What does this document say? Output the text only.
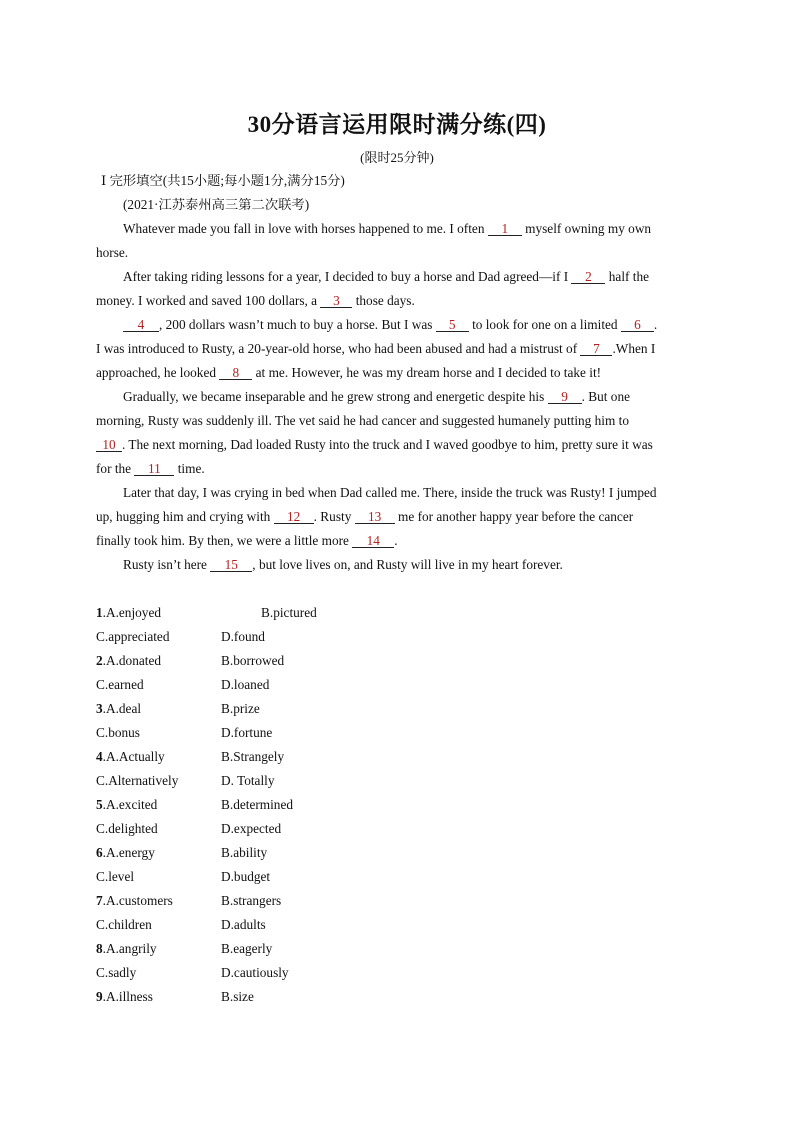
30分语言运用限时满分练(四)
(限时25分钟)
Ⅰ 完形填空(共15小题;每小题1分,满分15分)
(2021·江苏泰州高三第二次联考)
Whatever made you fall in love with horses happened to me. I often 1 myself owning my own
horse.
After taking riding lessons for a year, I decided to buy a horse and Dad agreed—if I 2 half the
money. I worked and saved 100 dollars, a 3 those days.
4 , 200 dollars wasn’t much to buy a horse. But I was 5 to look for one on a limited 6 .
I was introduced to Rusty, a 20-year-old horse, who had been abused and had a mistrust of 7 .When I
approached, he looked 8 at me. However, he was my dream horse and I decided to take it!
Gradually, we became inseparable and he grew strong and energetic despite his 9 . But one
morning, Rusty was suddenly ill. The vet said he had cancer and suggested humanely putting him to
10 . The next morning, Dad loaded Rusty into the truck and I waved goodbye to him, pretty sure it was
for the 11 time.
Later that day, I was crying in bed when Dad called me. There, inside the truck was Rusty! I jumped
up, hugging him and crying with 12 . Rusty 13 me for another happy year before the cancer
finally took him. By then, we were a little more 14 .
Rusty isn’t here 15 , but love lives on, and Rusty will live in my heart forever.
1.A.enjoyed	B.pictured
C.appreciated	D.found
2.A.donated	B.borrowed
C.earned	D.loaned
3.A.deal	B.prize
C.bonus	D.fortune
4.A.Actually	B.Strangely
C.Alternatively	D. Totally
5.A.excited	B.determined
C.delighted	D.expected
6.A.energy	B.ability
C.level	D.budget
7.A.customers	B.strangers
C.children	D.adults
8.A.angrily	B.eagerly
C.sadly	D.cautiously
9.A.illness	B.size
